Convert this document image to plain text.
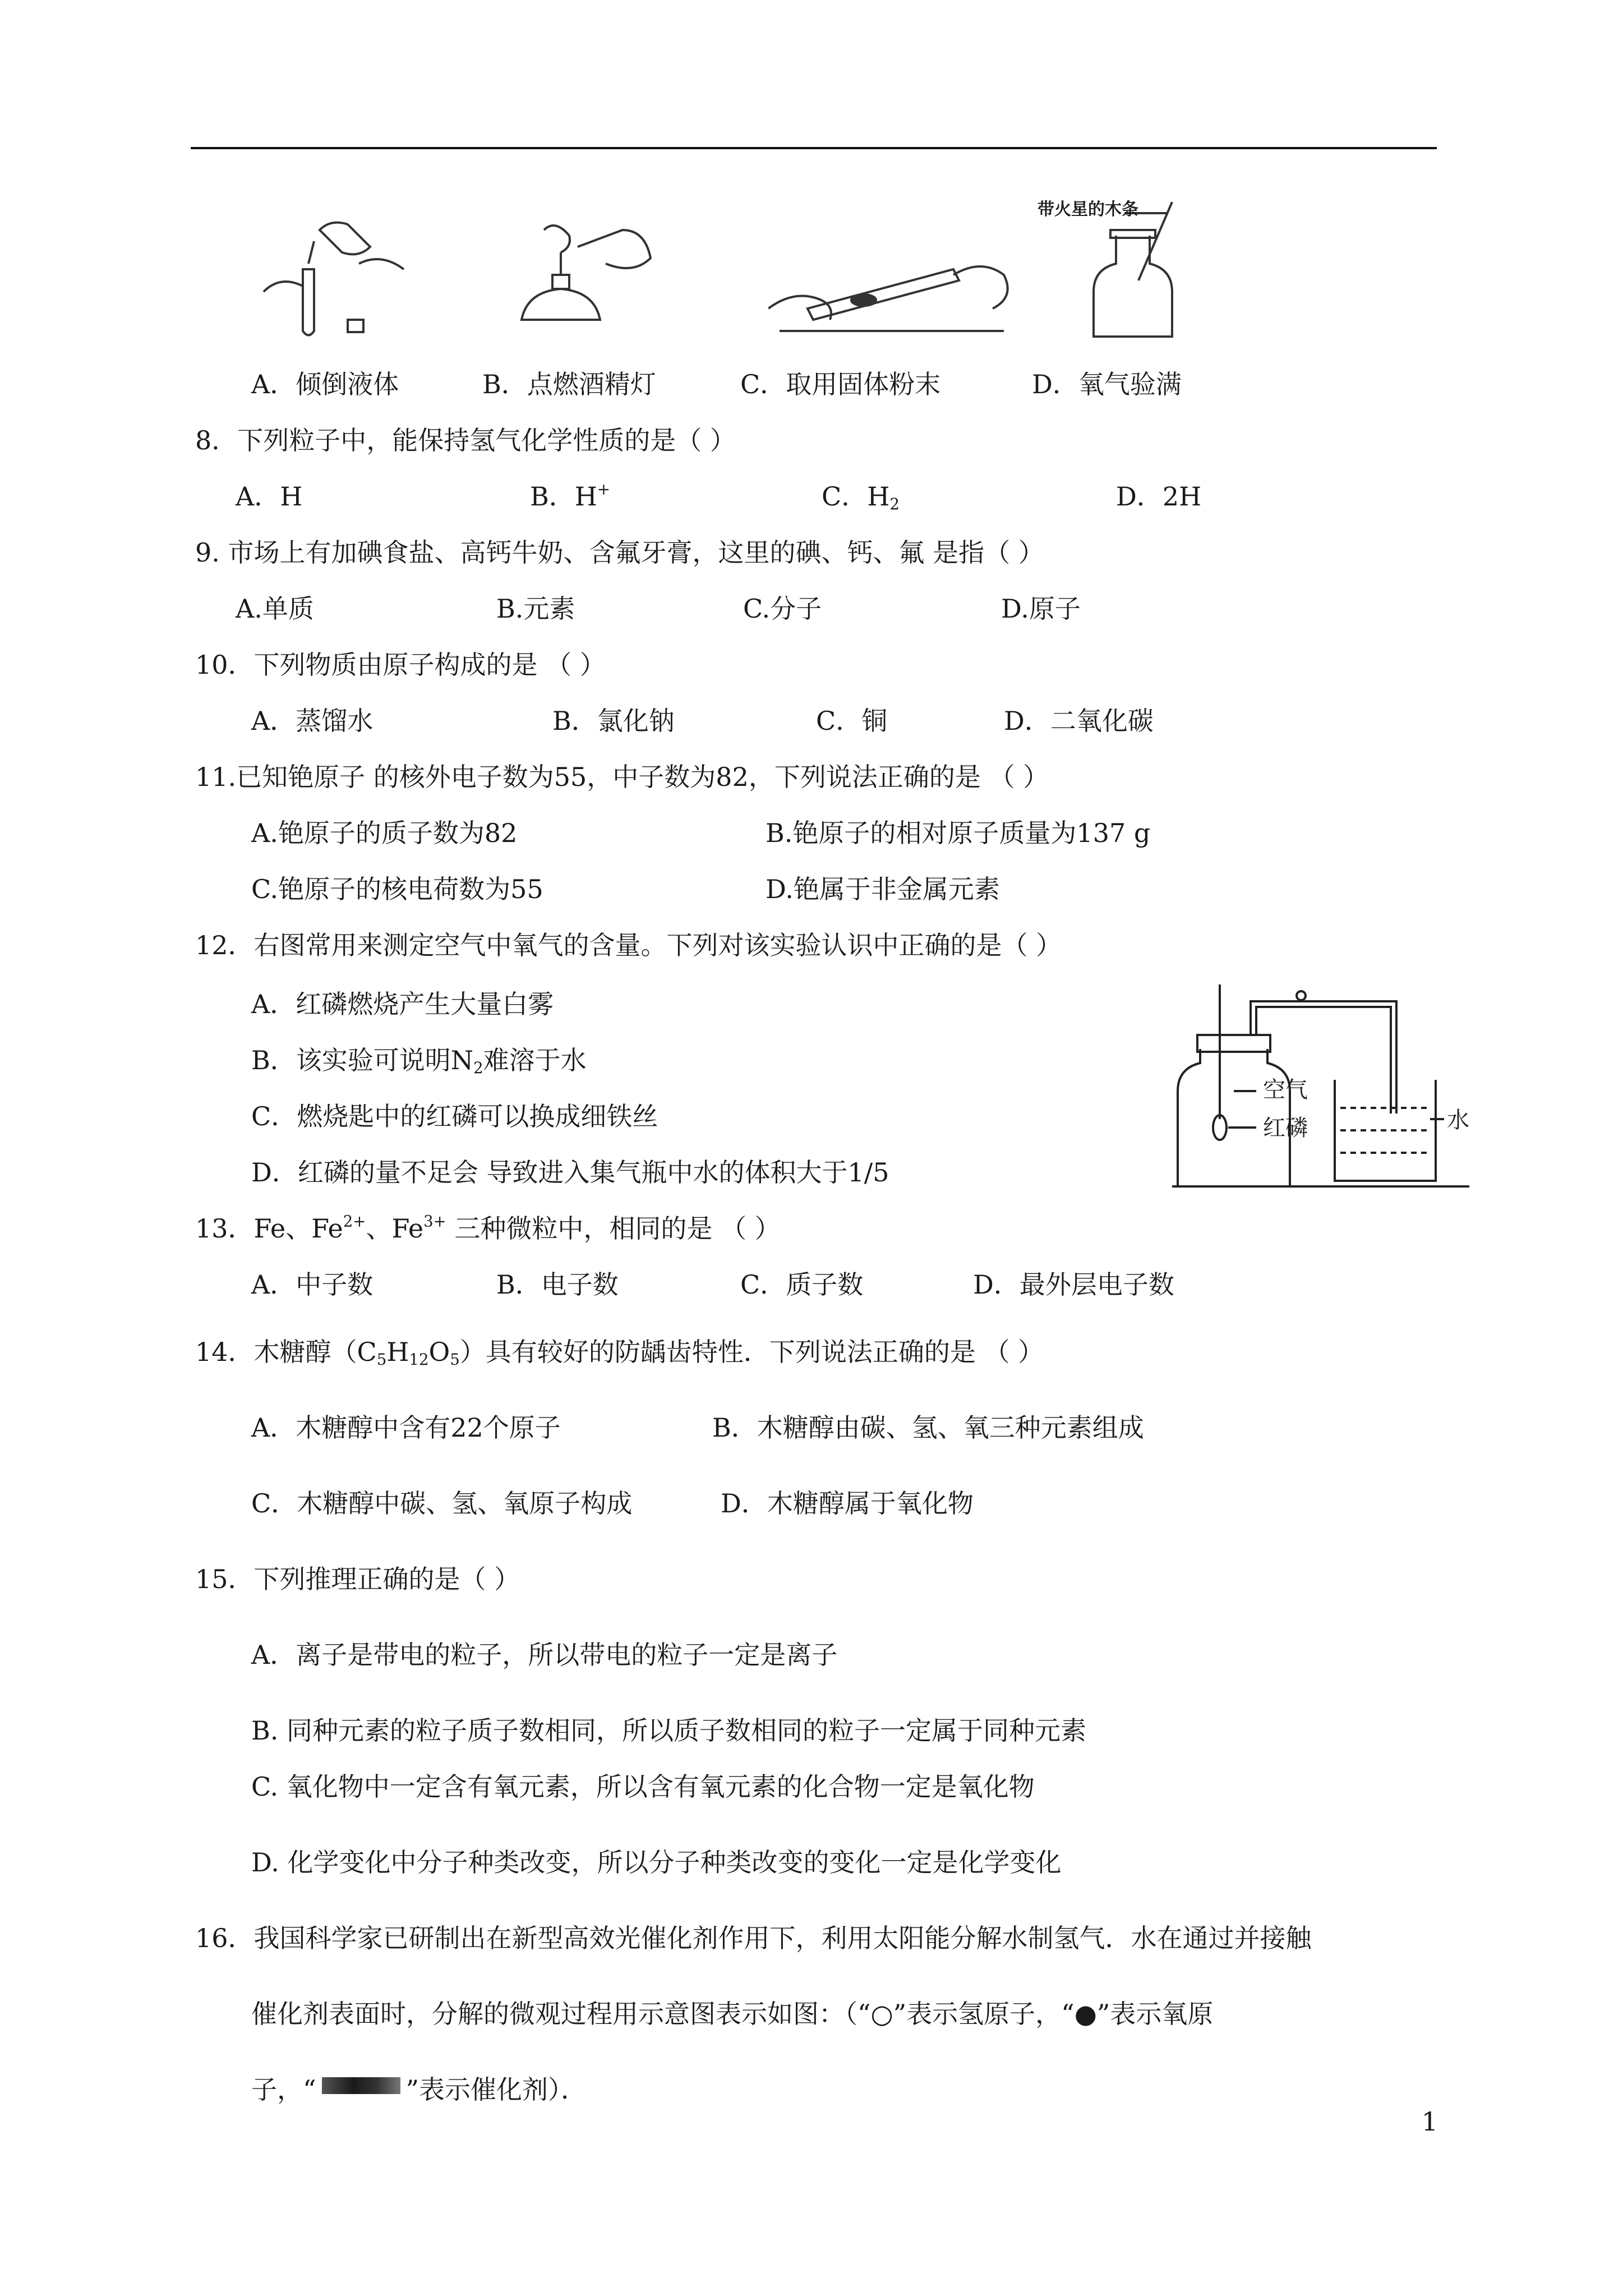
带火星的木条
A．倾倒液体	B．点燃酒精灯	C．取用固体粉末	D．氧气验满
8．下列粒子中，能保持氢气化学性质的是（ ）
A．H	B．H+	C．$H_2$	D．2H
9. 市场上有加碘食盐、高钙牛奶、含氟牙膏，这里的碘、钙、氟 是指（ ）
A.单质	B.元素	C.分子	D.原子
10．下列物质由原子构成的是 （ ）
A．蒸馏水	B．氯化钠	C．铜	D．二氧化碳
11.已知铯原子 的核外电子数为55，中子数为82，下列说法正确的是 （ ）
A.铯原子的质子数为82	B.铯原子的相对原子质量为137 g
C.铯原子的核电荷数为55	D.铯属于非金属元素
12．右图常用来测定空气中氧气的含量。下列对该实验认识中正确的是（ ）
A．红磷燃烧产生大量白雾
B．该实验可说明$N_2$难溶于水
C．燃烧匙中的红磷可以换成细铁丝
D．红磷的量不足会 导致进入集气瓶中水的体积大于1/5
空气
红磷	水
13．Fe、$Fe^{2+}$、$Fe^{3+}$ 三种微粒中，相同的是 （ ）
A．中子数	B．电子数	C．质子数	D．最外层电子数
14．木糖醇$(C_5H_{12}O_5)$具有较好的防龋齿特性．下列说法正确的是 （ ）
A．木糖醇中含有22个原子	B．木糖醇由碳、氢、氧三种元素组成
C．木糖醇中碳、氢、氧原子构成	D．木糖醇属于氧化物
15．下列推理正确的是（ ）
A．离子是带电的粒子，所以带电的粒子一定是离子
B. 同种元素的粒子质子数相同，所以质子数相同的粒子一定属于同种元素
C. 氧化物中一定含有氧元素，所以含有氧元素的化合物一定是氧化物
D. 化学变化中分子种类改变，所以分子种类改变的变化一定是化学变化
16．我国科学家已研制出在新型高效光催化剂作用下，利用太阳能分解水制氢气．水在通过并接触
催化剂表面时，分解的微观过程用示意图表示如图：（“○”表示氢原子，“●”表示氧原
子，“	”表示催化剂）．
1
